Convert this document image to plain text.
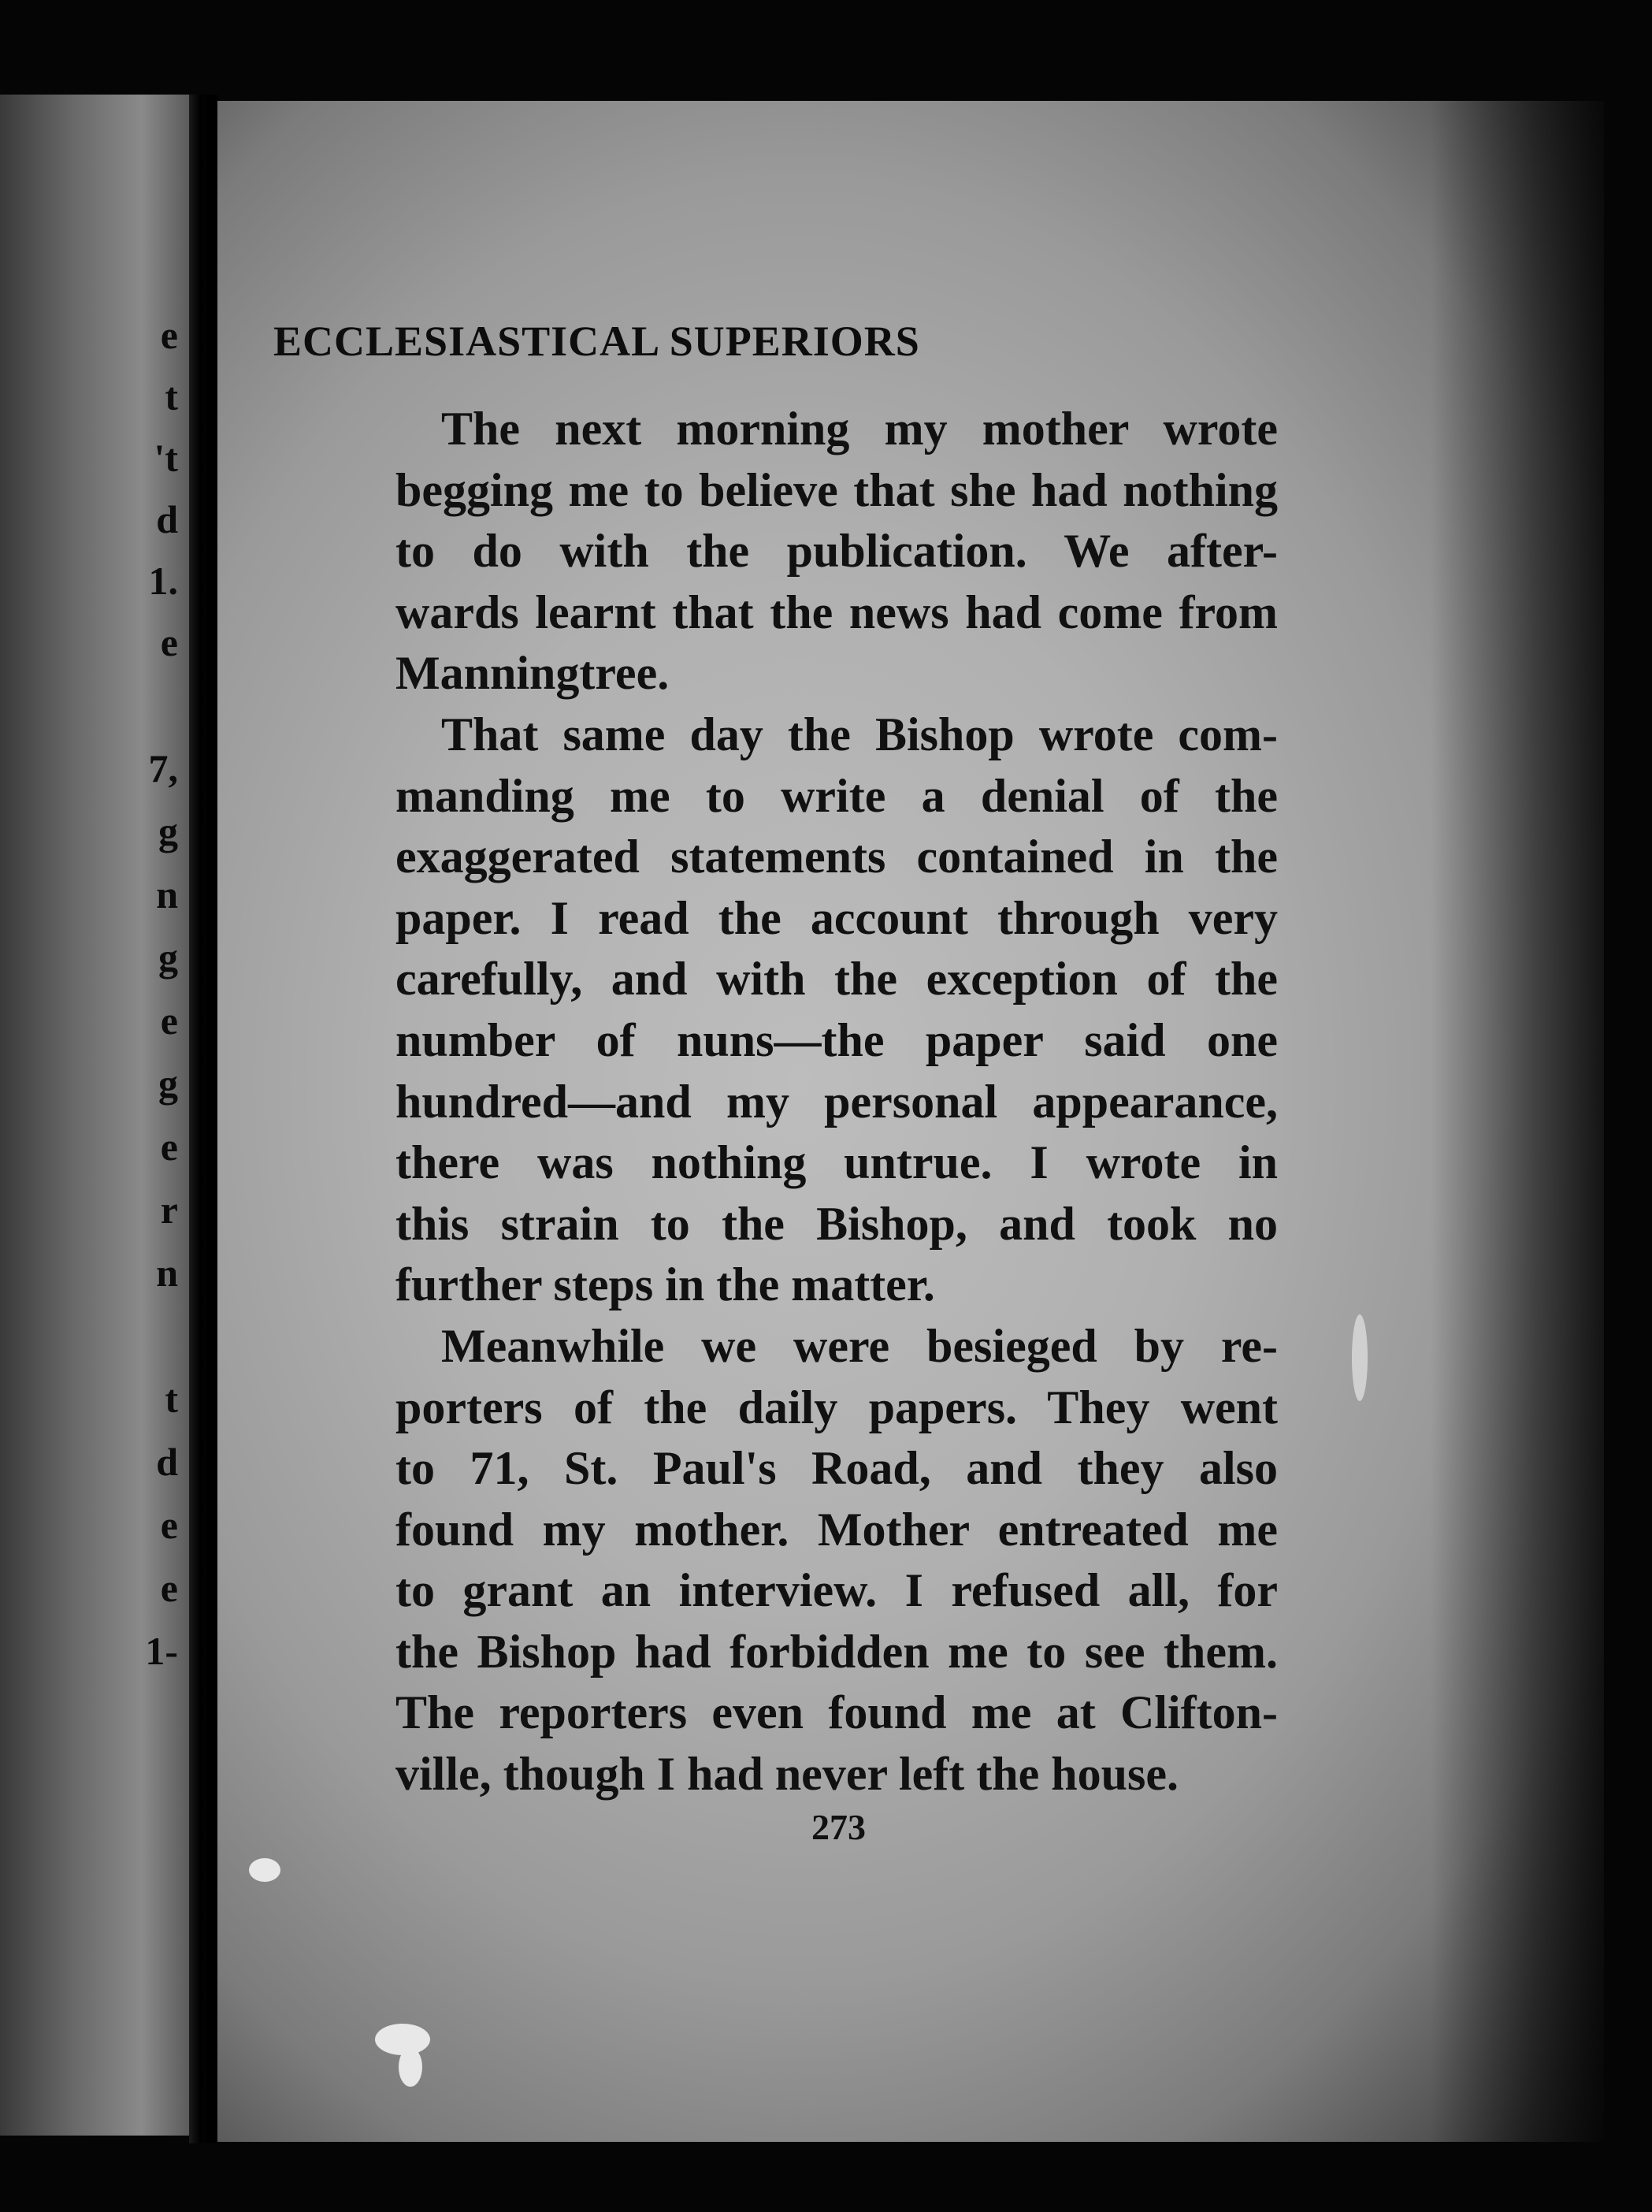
e
t
't
d
1.
e
7,
g
n
g
e
g
e
r
n
t
d
e
e
1-
ECCLESIASTICAL SUPERIORS
The next morning my mother wrote
begging me to believe that she had nothing
to do with the publication. We after-
wards learnt that the news had come from
Manningtree.
That same day the Bishop wrote com-
manding me to write a denial of the
exaggerated statements contained in the
paper. I read the account through very
carefully, and with the exception of the
number of nuns—the paper said one
hundred—and my personal appearance,
there was nothing untrue. I wrote in
this strain to the Bishop, and took no
further steps in the matter.
Meanwhile we were besieged by re-
porters of the daily papers. They went
to 71, St. Paul's Road, and they also
found my mother. Mother entreated me
to grant an interview. I refused all, for
the Bishop had forbidden me to see them.
The reporters even found me at Clifton-
ville, though I had never left the house.
273
